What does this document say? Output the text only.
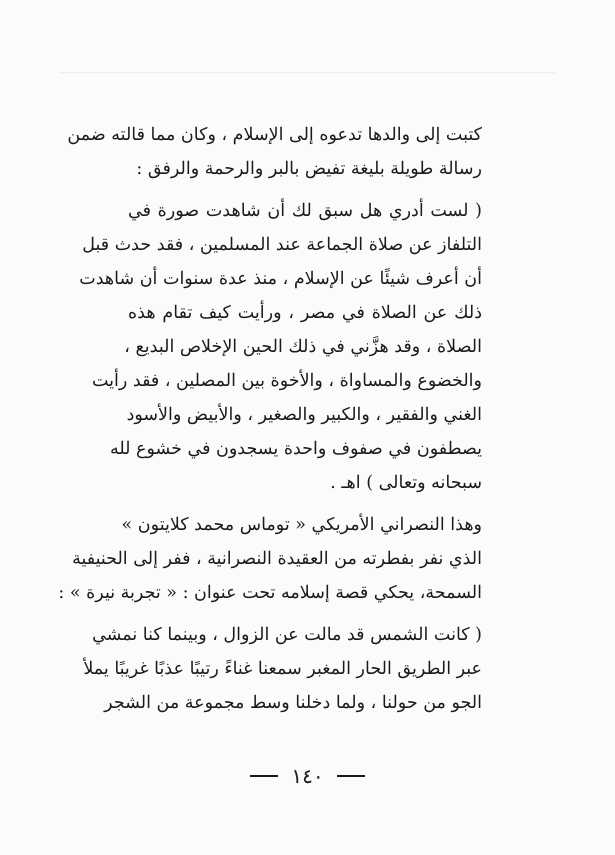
كتبت إلى والدها تدعوه إلى الإسلام ، وكان مما قالته ضمن
رسالة طويلة بليغة تفيض بالبر والرحمة والرفق :

( لست أدري هل سبق لك أن شاهدت صورة في
التلفاز عن صلاة الجماعة عند المسلمين ، فقد حدث قبل
أن أعرف شيئًا عن الإسلام ، منذ عدة سنوات أن شاهدت
ذلك عن الصلاة في مصر ، ورأيت كيف تقام هذه
الصلاة ، وقد هزَّني في ذلك الحين الإخلاص البديع ،
والخضوع والمساواة ، والأخوة بين المصلين ، فقد رأيت
الغني والفقير ، والكبير والصغير ، والأبيض والأسود
يصطفون في صفوف واحدة يسجدون في خشوع لله
سبحانه وتعالى ) اهـ .

وهذا النصراني الأمريكي « توماس محمد كلايتون »
الذي نفر بفطرته من العقيدة النصرانية ، ففر إلى الحنيفية
السمحة، يحكي قصة إسلامه تحت عنوان : « تجربة نيرة » :

( كانت الشمس قد مالت عن الزوال ، وبينما كنا نمشي
عبر الطريق الحار المغبر سمعنا غناءً رتيبًا عذبًا غريبًا يملأ
الجو من حولنا ، ولما دخلنا وسط مجموعة من الشجر

١٤٠
